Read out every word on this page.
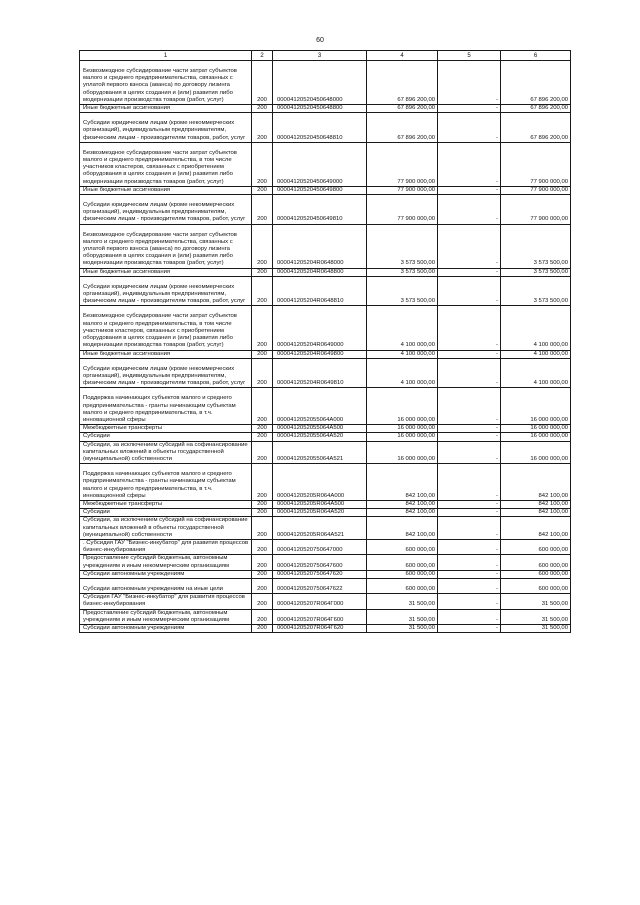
60
1	2	3	4	5	6
Безвозмездное субсидирование части затрат субъектов малого и среднего предпринимательства, связанных с уплатой первого взноса (аванса) по договору лизинга оборудования в целях создания и (или) развития либо модернизации производства товаров (работ, услуг)	200	00004120520450648000	67 896 200,00	-	67 896 200,00
Иные бюджетные ассигнования	200	00004120520450648800	67 896 200,00	-	67 896 200,00
Субсидии юридическим лицам (кроме некоммерческих организаций), индивидуальным предпринимателям, физическим лицам - производителям товаров, работ, услуг	200	00004120520450648810	67 896 200,00	-	67 896 200,00
Безвозмездное субсидирование части затрат субъектов малого и среднего предпринимательства, в том числе участников кластеров, связанных с приобретением оборудования в целях создания и (или) развития либо модернизации производства товаров (работ, услуг)	200	00004120520450649000	77 900 000,00	-	77 900 000,00
Иные бюджетные ассигнования	200	00004120520450649800	77 900 000,00	-	77 900 000,00
Субсидии юридическим лицам (кроме некоммерческих организаций), индивидуальным предпринимателям, физическим лицам - производителям товаров, работ, услуг	200	00004120520450649810	77 900 000,00	-	77 900 000,00
Безвозмездное субсидирование части затрат субъектов малого и среднего предпринимательства, связанных с уплатой первого взноса (аванса) по договору лизинга оборудования в целях создания и (или) развития либо модернизации производства товаров (работ, услуг)	200	000041205204R0648000	3 573 500,00	-	3 573 500,00
Иные бюджетные ассигнования	200	000041205204R0648800	3 573 500,00	-	3 573 500,00
Субсидии юридическим лицам (кроме некоммерческих организаций), индивидуальным предпринимателям, физическим лицам - производителям товаров, работ, услуг	200	000041205204R0648810	3 573 500,00	-	3 573 500,00
Безвозмездное субсидирование части затрат субъектов малого и среднего предпринимательства, в том числе участников кластеров, связанных с приобретением оборудования в целях создания и (или) развития либо модернизации производства товаров (работ, услуг)	200	000041205204R0649000	4 100 000,00	-	4 100 000,00
Иные бюджетные ассигнования	200	000041205204R0649800	4 100 000,00	-	4 100 000,00
Субсидии юридическим лицам (кроме некоммерческих организаций), индивидуальным предпринимателям, физическим лицам - производителям товаров, работ, услуг	200	000041205204R0649810	4 100 000,00	-	4 100 000,00
Поддержка начинающих субъектов малого и среднего предпринимательства - гранты начинающим субъектам малого и среднего предпринимательства, в т.ч. инновационной сферы	200	0000412052055064A000	16 000 000,00	-	16 000 000,00
Межбюджетные трансферты	200	0000412052055064A500	16 000 000,00	-	16 000 000,00
Субсидии	200	0000412052055064A520	16 000 000,00	-	16 000 000,00
Субсидии, за исключением субсидий на софинансирование капитальных вложений в объекты государственной (муниципальной) собственности	200	0000412052055064A521	16 000 000,00	-	16 000 000,00
Поддержка начинающих субъектов малого и среднего предпринимательства - гранты начинающим субъектам малого и среднего предпринимательства, в т.ч. инновационной сферы	200	000041205205R064A000	842 100,00	-	842 100,00
Межбюджетные трансферты	200	000041205205R064A500	842 100,00	-	842 100,00
Субсидии	200	000041205205R064A520	842 100,00	-	842 100,00
Субсидии, за исключением субсидий на софинансирование капитальных вложений в объекты государственной (муниципальной) собственности	200	000041205205R064A521	842 100,00	-	842 100,00
. Субсидия ГАУ "Бизнес-инкубатор" для развития процессов бизнес-инкубирования	200	00004120520750647000	600 000,00	-	600 000,00
Предоставление субсидий бюджетным, автономным учреждениям и иным некоммерческим организациям	200	00004120520750647600	600 000,00	-	600 000,00
Субсидии автономным учреждениям	200	00004120520750647620	600 000,00	-	600 000,00
Субсидии автономным учреждениям на иные цели	200	00004120520750647622	600 000,00	-	600 000,00
Субсидия ГАУ "Бизнес-инкубатор" для развития процессов бизнес-инкубирования	200	000041205207R064Г000	31 500,00	-	31 500,00
Предоставление субсидий бюджетным, автономным учреждениям и иным некоммерческим организациям	200	000041205207R064Г600	31 500,00	-	31 500,00
Субсидии автономным учреждениям	200	000041205207R064Г620	31 500,00	-	31 500,00
